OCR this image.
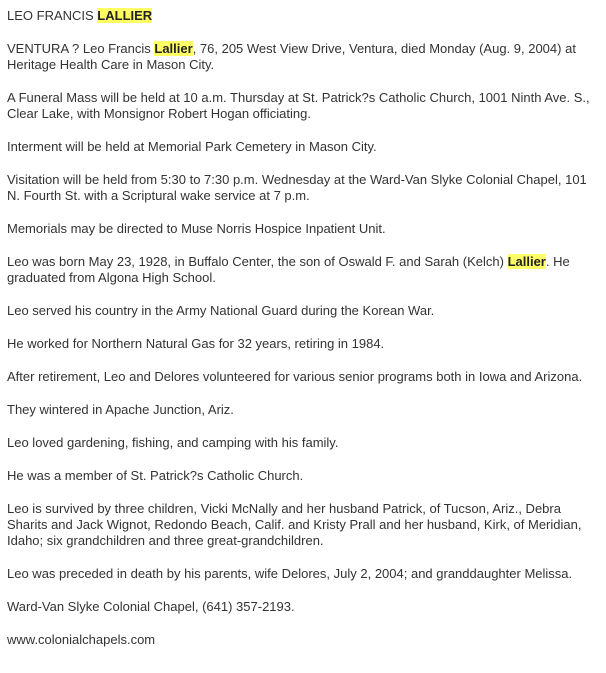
LEO FRANCIS LALLIER

VENTURA ? Leo Francis Lallier, 76, 205 West View Drive, Ventura, died Monday (Aug. 9, 2004) at Heritage Health Care in Mason City.

A Funeral Mass will be held at 10 a.m. Thursday at St. Patrick?s Catholic Church, 1001 Ninth Ave. S., Clear Lake, with Monsignor Robert Hogan officiating.

Interment will be held at Memorial Park Cemetery in Mason City.

Visitation will be held from 5:30 to 7:30 p.m. Wednesday at the Ward-Van Slyke Colonial Chapel, 101 N. Fourth St. with a Scriptural wake service at 7 p.m.

Memorials may be directed to Muse Norris Hospice Inpatient Unit.

Leo was born May 23, 1928, in Buffalo Center, the son of Oswald F. and Sarah (Kelch) Lallier. He graduated from Algona High School.

Leo served his country in the Army National Guard during the Korean War.

He worked for Northern Natural Gas for 32 years, retiring in 1984.

After retirement, Leo and Delores volunteered for various senior programs both in Iowa and Arizona.

They wintered in Apache Junction, Ariz.

Leo loved gardening, fishing, and camping with his family.

He was a member of St. Patrick?s Catholic Church.

Leo is survived by three children, Vicki McNally and her husband Patrick, of Tucson, Ariz., Debra Sharits and Jack Wignot, Redondo Beach, Calif. and Kristy Prall and her husband, Kirk, of Meridian, Idaho; six grandchildren and three great-grandchildren.

Leo was preceded in death by his parents, wife Delores, July 2, 2004; and granddaughter Melissa.

Ward-Van Slyke Colonial Chapel, (641) 357-2193.

www.colonialchapels.com
